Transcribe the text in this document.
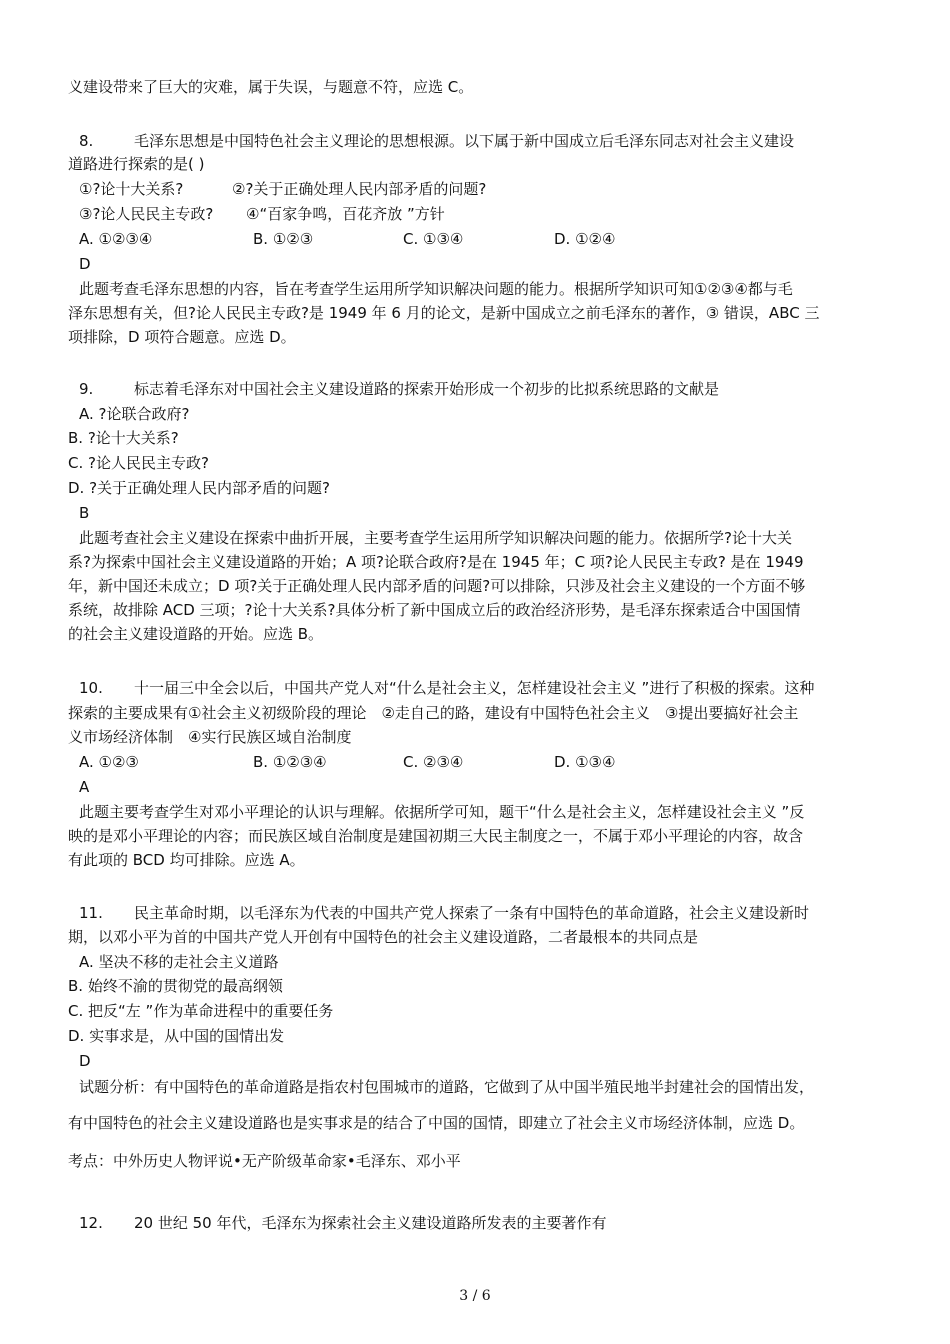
义建设带来了巨大的灾难，属于失误，与题意不符，应选 C。
8.	毛泽东思想是中国特色社会主义理论的思想根源。以下属于新中国成立后毛泽东同志对社会主义建设
道路进行探索的是( )
①?论十大关系?	②?关于正确处理人民内部矛盾的问题?
③?论人民民主专政? ④“百家争鸣，百花齐放 ”方针
A. ①②③④	B. ①②③	C. ①③④	D. ①②④
D
此题考查毛泽东思想的内容，旨在考查学生运用所学知识解决问题的能力。根据所学知识可知①②③④都与毛
泽东思想有关，但?论人民民主专政?是 1949 年 6 月的论文，是新中国成立之前毛泽东的著作，③ 错误，ABC 三
项排除，D 项符合题意。应选 D。
9.	标志着毛泽东对中国社会主义建设道路的探索开始形成一个初步的比拟系统思路的文献是
A. ?论联合政府?
B. ?论十大关系?
C. ?论人民民主专政?
D. ?关于正确处理人民内部矛盾的问题?
B
此题考查社会主义建设在探索中曲折开展，主要考查学生运用所学知识解决问题的能力。依据所学?论十大关
系?为探索中国社会主义建设道路的开始；A 项?论联合政府?是在 1945 年；C 项?论人民民主专政? 是在 1949
年，新中国还未成立；D 项?关于正确处理人民内部矛盾的问题?可以排除，只涉及社会主义建设的一个方面不够
系统，故排除 ACD 三项；?论十大关系?具体分析了新中国成立后的政治经济形势，是毛泽东探索适合中国国情
的社会主义建设道路的开始。应选 B。
10. 十一届三中全会以后，中国共产党人对“什么是社会主义，怎样建设社会主义 ”进行了积极的探索。这种
探索的主要成果有①社会主义初级阶段的理论　②走自己的路，建设有中国特色社会主义　③提出要搞好社会主
义市场经济体制　④实行民族区域自治制度
A. ①②③	B. ①②③④	C. ②③④	D. ①③④
A
此题主要考查学生对邓小平理论的认识与理解。依据所学可知，题干“什么是社会主义，怎样建设社会主义 ”反
映的是邓小平理论的内容；而民族区域自治制度是建国初期三大民主制度之一，不属于邓小平理论的内容，故含
有此项的 BCD 均可排除。应选 A。
11. 民主革命时期，以毛泽东为代表的中国共产党人探索了一条有中国特色的革命道路，社会主义建设新时
期，以邓小平为首的中国共产党人开创有中国特色的社会主义建设道路，二者最根本的共同点是
A. 坚决不移的走社会主义道路
B. 始终不渝的贯彻党的最高纲领
C. 把反“左 ”作为革命进程中的重要任务
D. 实事求是，从中国的国情出发
D
试题分析：有中国特色的革命道路是指农村包围城市的道路，它做到了从中国半殖民地半封建社会的国情出发，
有中国特色的社会主义建设道路也是实事求是的结合了中国的国情，即建立了社会主义市场经济体制，应选 D。
考点：中外历史人物评说•无产阶级革命家•毛泽东、邓小平
12. 20 世纪 50 年代，毛泽东为探索社会主义建设道路所发表的主要著作有
3 / 6
